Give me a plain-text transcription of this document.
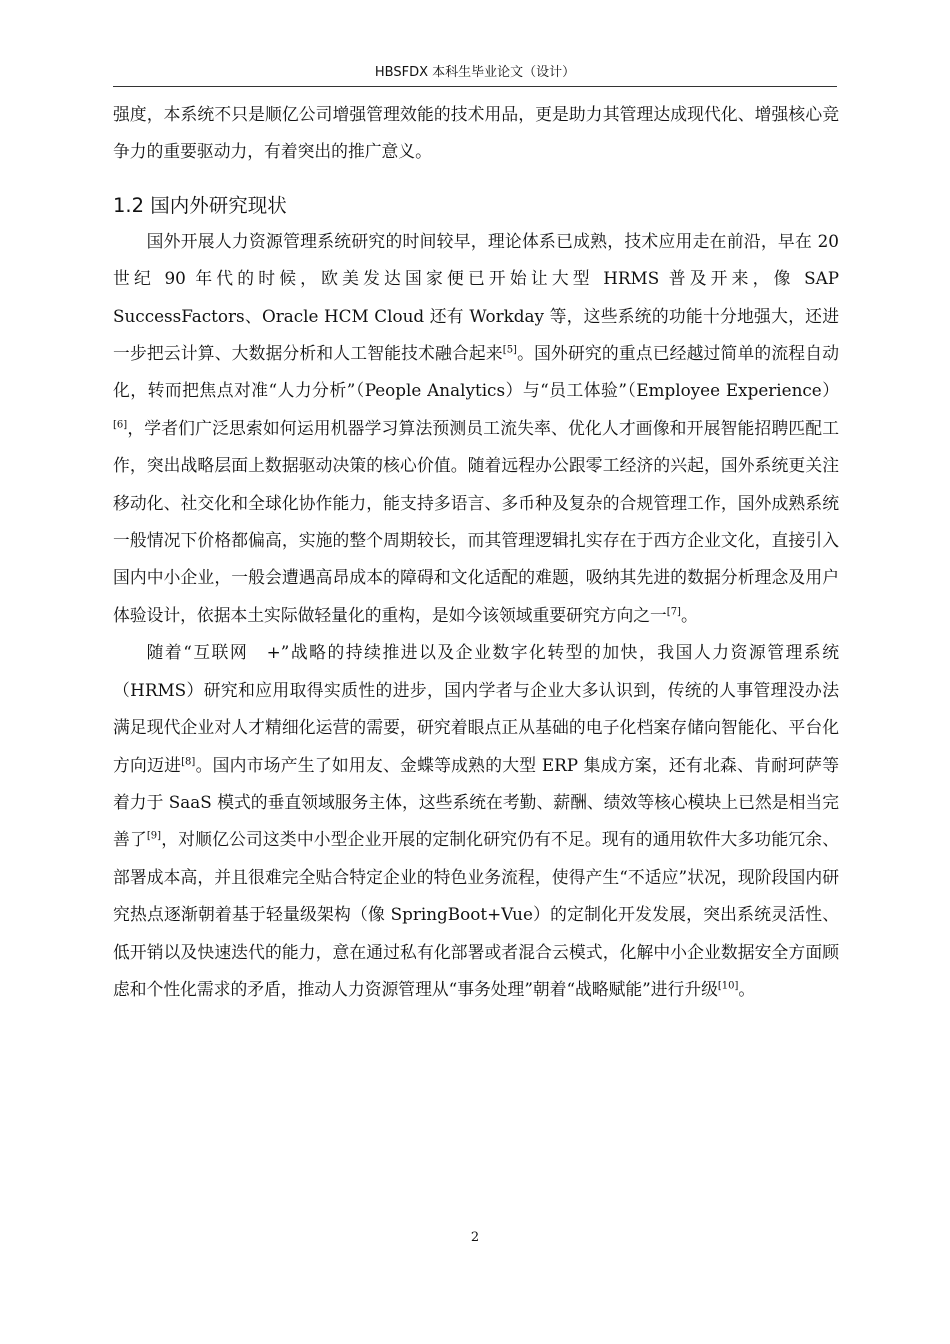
HBSFDX 本科生毕业论文（设计）

强度，本系统不只是顺亿公司增强管理效能的技术用品，更是助力其管理达成现代化、增强核心竞争力的重要驱动力，有着突出的推广意义。

1.2 国内外研究现状

国外开展人力资源管理系统研究的时间较早，理论体系已成熟，技术应用走在前沿，早在 20 世纪 90 年代的时候，欧美发达国家便已开始让大型 HRMS 普及开来，像 SAP SuccessFactors、Oracle HCM Cloud 还有 Workday 等，这些系统的功能十分地强大，还进一步把云计算、大数据分析和人工智能技术融合起来[5]。国外研究的重点已经越过简单的流程自动化，转而把焦点对准“人力分析”（People Analytics）与“员工体验”（Employee Experience）[6]，学者们广泛思索如何运用机器学习算法预测员工流失率、优化人才画像和开展智能招聘匹配工作，突出战略层面上数据驱动决策的核心价值。随着远程办公跟零工经济的兴起，国外系统更关注移动化、社交化和全球化协作能力，能支持多语言、多币种及复杂的合规管理工作，国外成熟系统一般情况下价格都偏高，实施的整个周期较长，而其管理逻辑扎实存在于西方企业文化，直接引入国内中小企业，一般会遭遇高昂成本的障碍和文化适配的难题，吸纳其先进的数据分析理念及用户体验设计，依据本土实际做轻量化的重构，是如今该领域重要研究方向之一[7]。

随着“互联网　+”战略的持续推进以及企业数字化转型的加快，我国人力资源管理系统（HRMS）研究和应用取得实质性的进步，国内学者与企业大多认识到，传统的人事管理没办法满足现代企业对人才精细化运营的需要，研究着眼点正从基础的电子化档案存储向智能化、平台化方向迈进[8]。国内市场产生了如用友、金蝶等成熟的大型 ERP 集成方案，还有北森、肯耐珂萨等着力于 SaaS 模式的垂直领域服务主体，这些系统在考勤、薪酬、绩效等核心模块上已然是相当完善了[9]，对顺亿公司这类中小型企业开展的定制化研究仍有不足。现有的通用软件大多功能冗余、部署成本高，并且很难完全贴合特定企业的特色业务流程，使得产生“不适应”状况，现阶段国内研究热点逐渐朝着基于轻量级架构（像 SpringBoot+Vue）的定制化开发发展，突出系统灵活性、低开销以及快速迭代的能力，意在通过私有化部署或者混合云模式，化解中小企业数据安全方面顾虑和个性化需求的矛盾，推动人力资源管理从“事务处理”朝着“战略赋能”进行升级[10]。

2
